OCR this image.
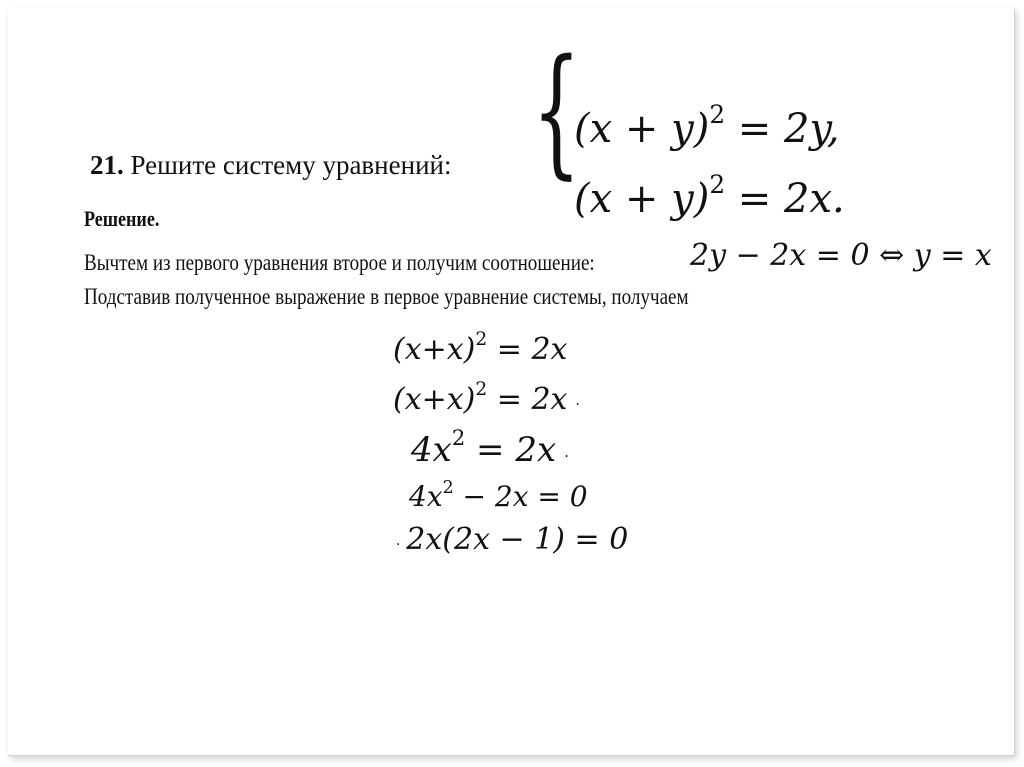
{
$(x + y)^2 = 2y$,
$(x + y)^2 = 2x$.
21. Решите систему уравнений:
Решение.
Вычтем из первого уравнения второе и получим соотношение:	2y − 2x = 0 ⇔ y = x
Подставив полученное выражение в первое уравнение системы, получаем
$(x+x)^2 = 2x$
$(x+x)^2 = 2x$ .
$4x^2 = 2x$ .
$4x^2 - 2x = 0$
. 2x(2x − 1) = 0
